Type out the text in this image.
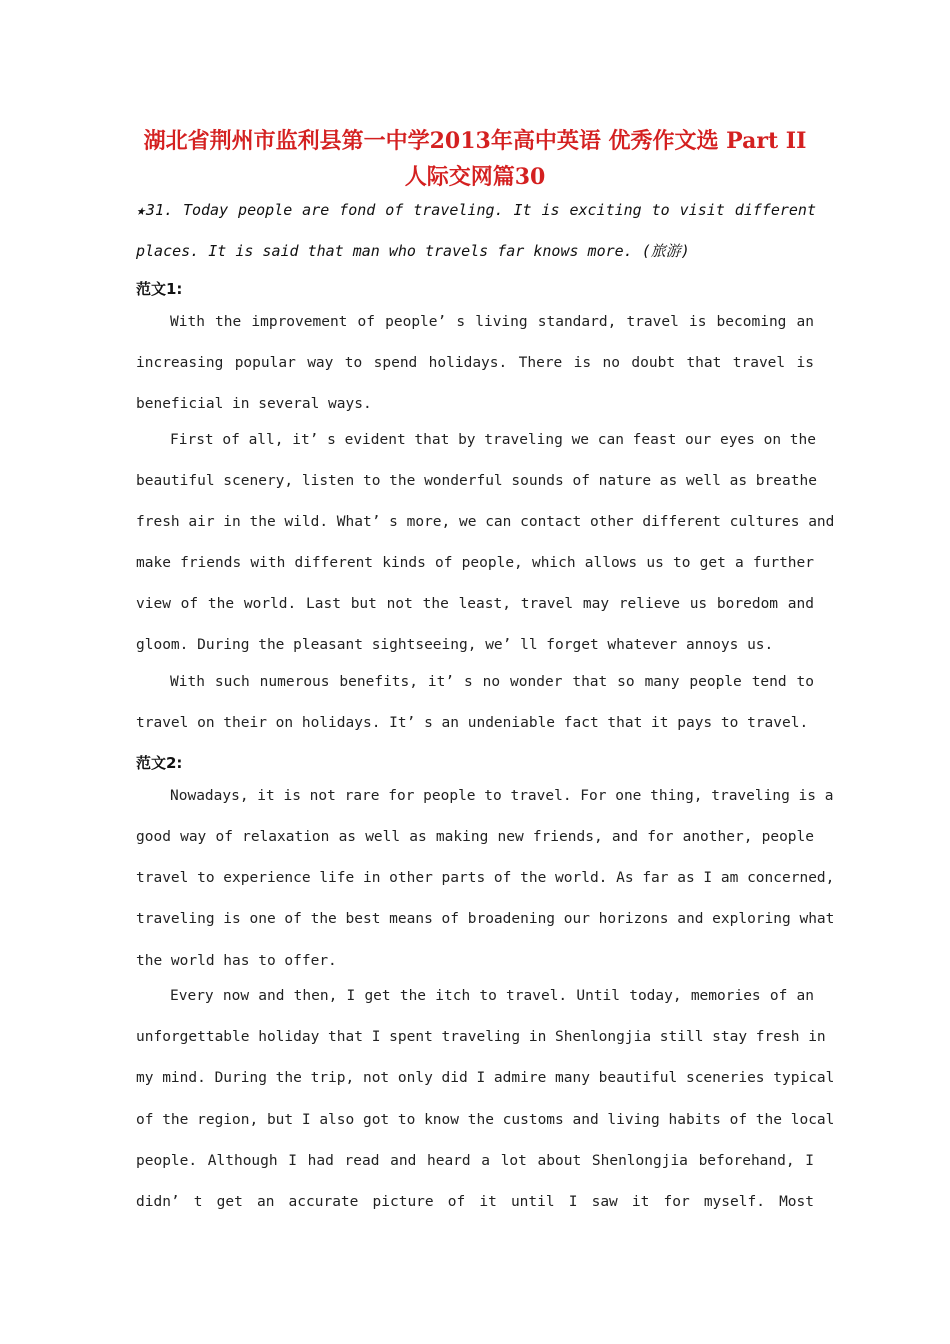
湖北省荆州市监利县第一中学2013年高中英语 优秀作文选 Part II
人际交网篇30
★31. Today people are fond of traveling. It is exciting to visit different
places. It is said that man who travels far knows more. (旅游)
范文1:
With the improvement of people’ s living standard, travel is becoming an
increasing popular way to spend holidays. There is no doubt that travel is
beneficial in several ways.
First of all, it’ s evident that by traveling we can feast our eyes on the
beautiful scenery, listen to the wonderful sounds of nature as well as breathe
fresh air in the wild. What’ s more, we can contact other different cultures and
make friends with different kinds of people, which allows us to get a further
view of the world. Last but not the least, travel may relieve us boredom and
gloom. During the pleasant sightseeing, we’ ll forget whatever annoys us.
With such numerous benefits, it’ s no wonder that so many people tend to
travel on their on holidays. It’ s an undeniable fact that it pays to travel.
范文2:
Nowadays, it is not rare for people to travel. For one thing, traveling is a
good way of relaxation as well as making new friends, and for another, people
travel to experience life in other parts of the world. As far as I am concerned,
traveling is one of the best means of broadening our horizons and exploring what
the world has to offer.
Every now and then, I get the itch to travel. Until today, memories of an
unforgettable holiday that I spent traveling in Shenlongjia still stay fresh in
my mind. During the trip, not only did I admire many beautiful sceneries typical
of the region, but I also got to know the customs and living habits of the local
people. Although I had read and heard a lot about Shenlongjia beforehand, I
didn’ t get an accurate picture of it until I saw it for myself. Most
